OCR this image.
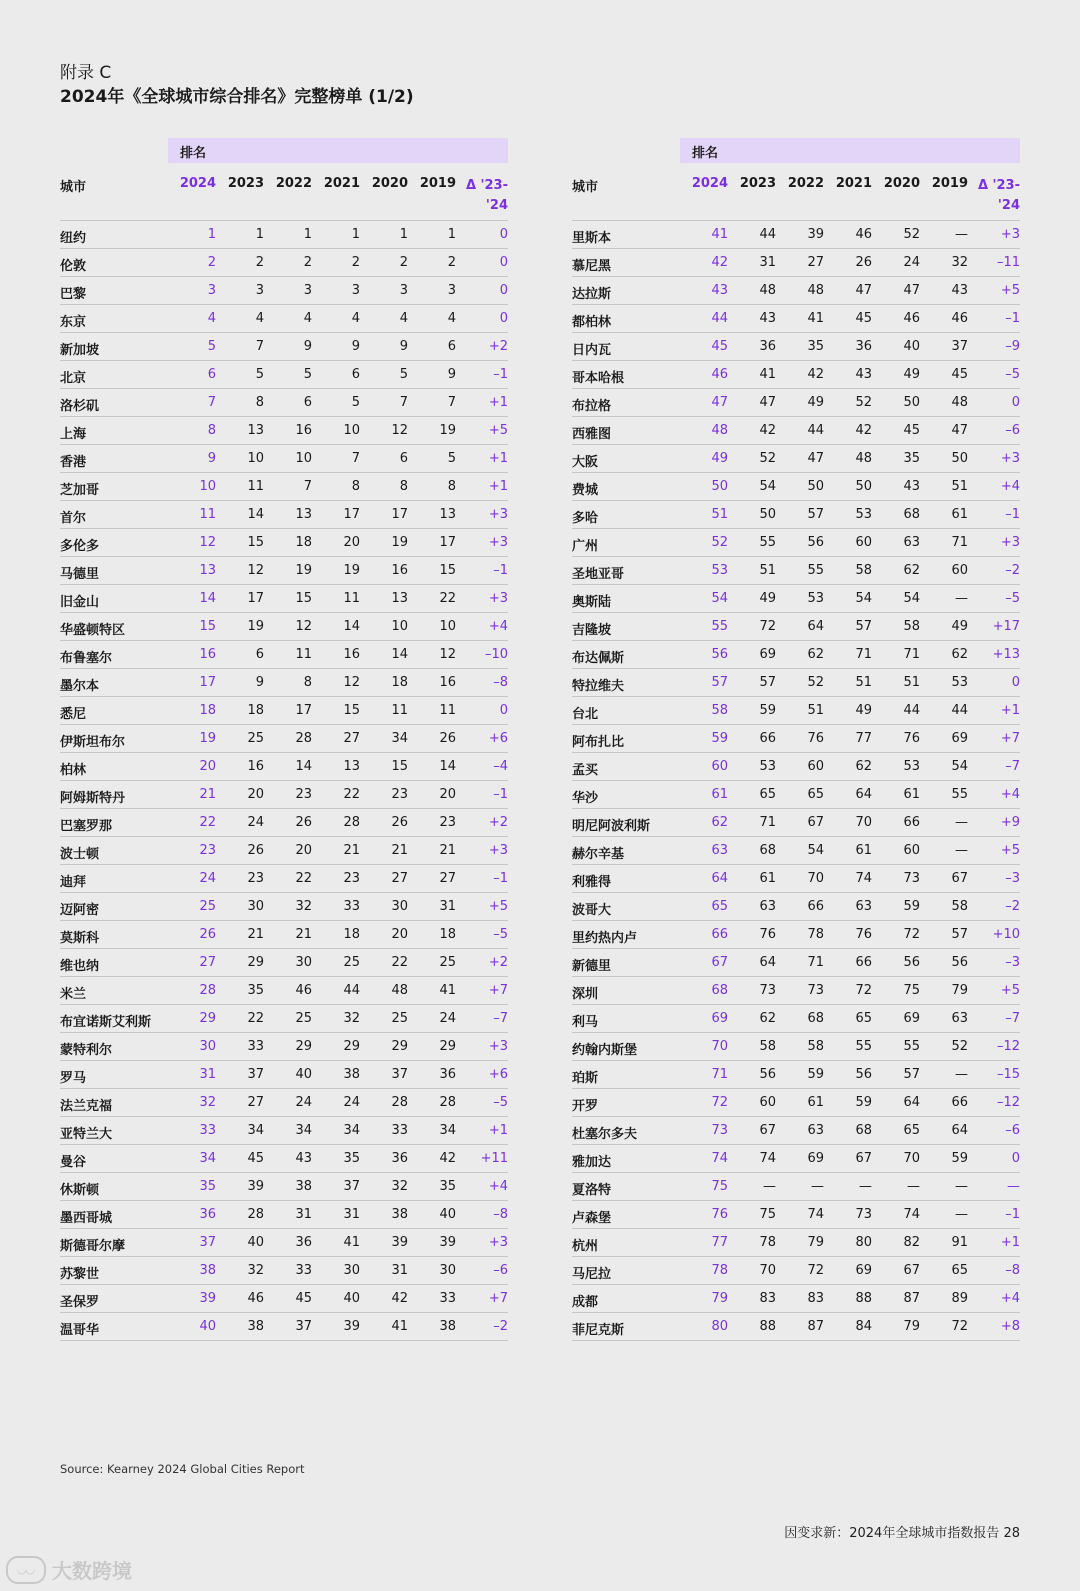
附录 C
2024年《全球城市综合排名》完整榜单 (1/2)
排名
城市	2024 2023 2022 2021 2020 2019 Δ '23-
'24
纽约	1	1	1	1	1	1	0
伦敦	2	2	2	2	2	2	0
巴黎	3	3	3	3	3	3	0
东京	4	4	4	4	4	4	0
新加坡	5	7	9	9	9	6	+2
北京	6	5	5	6	5	9	–1
洛杉矶	7	8	6	5	7	7	+1
上海	8	13	16	10	12	19	+5
香港	9	10	10	7	6	5	+1
芝加哥	10	11	7	8	8	8	+1
首尔	11	14	13	17	17	13	+3
多伦多	12	15	18	20	19	17	+3
马德里	13	12	19	19	16	15	–1
旧金山	14	17	15	11	13	22	+3
华盛顿特区	15	19	12	14	10	10	+4
布鲁塞尔	16	6	11	16	14	12	–10
墨尔本	17	9	8	12	18	16	–8
悉尼	18	18	17	15	11	11	0
伊斯坦布尔	19	25	28	27	34	26	+6
柏林	20	16	14	13	15	14	–4
阿姆斯特丹	21	20	23	22	23	20	–1
巴塞罗那	22	24	26	28	26	23	+2
波士顿	23	26	20	21	21	21	+3
迪拜	24	23	22	23	27	27	–1
迈阿密	25	30	32	33	30	31	+5
莫斯科	26	21	21	18	20	18	–5
维也纳	27	29	30	25	22	25	+2
米兰	28	35	46	44	48	41	+7
布宜诺斯艾利斯	29	22	25	32	25	24	–7
蒙特利尔	30	33	29	29	29	29	+3
罗马	31	37	40	38	37	36	+6
法兰克福	32	27	24	24	28	28	–5
亚特兰大	33	34	34	34	33	34	+1
曼谷	34	45	43	35	36	42	+11
休斯顿	35	39	38	37	32	35	+4
墨西哥城	36	28	31	31	38	40	–8
斯德哥尔摩	37	40	36	41	39	39	+3
苏黎世	38	32	33	30	31	30	–6
圣保罗	39	46	45	40	42	33	+7
温哥华	40	38	37	39	41	38	–2
排名
城市	2024 2023 2022 2021 2020 2019 Δ '23-
'24
里斯本	41	44	39	46	52	—	+3
慕尼黑	42	31	27	26	24	32	–11
达拉斯	43	48	48	47	47	43	+5
都柏林	44	43	41	45	46	46	–1
日内瓦	45	36	35	36	40	37	–9
哥本哈根	46	41	42	43	49	45	–5
布拉格	47	47	49	52	50	48	0
西雅图	48	42	44	42	45	47	–6
大阪	49	52	47	48	35	50	+3
费城	50	54	50	50	43	51	+4
多哈	51	50	57	53	68	61	–1
广州	52	55	56	60	63	71	+3
圣地亚哥	53	51	55	58	62	60	–2
奥斯陆	54	49	53	54	54	—	–5
吉隆坡	55	72	64	57	58	49	+17
布达佩斯	56	69	62	71	71	62	+13
特拉维夫	57	57	52	51	51	53	0
台北	58	59	51	49	44	44	+1
阿布扎比	59	66	76	77	76	69	+7
孟买	60	53	60	62	53	54	–7
华沙	61	65	65	64	61	55	+4
明尼阿波利斯	62	71	67	70	66	—	+9
赫尔辛基	63	68	54	61	60	—	+5
利雅得	64	61	70	74	73	67	–3
波哥大	65	63	66	63	59	58	–2
里约热内卢	66	76	78	76	72	57	+10
新德里	67	64	71	66	56	56	–3
深圳	68	73	73	72	75	79	+5
利马	69	62	68	65	69	63	–7
约翰内斯堡	70	58	58	55	55	52	–12
珀斯	71	56	59	56	57	—	–15
开罗	72	60	61	59	64	66	–12
杜塞尔多夫	73	67	63	68	65	64	–6
雅加达	74	74	69	67	70	59	0
夏洛特	75	—	—	—	—	—	—
卢森堡	76	75	74	73	74	—	–1
杭州	77	78	79	80	82	91	+1
马尼拉	78	70	72	69	67	65	–8
成都	79	83	83	88	87	89	+4
菲尼克斯	80	88	87	84	79	72	+8
Source: Kearney 2024 Global Cities Report
因变求新：2024年全球城市指数报告 28
◡◡ 大数跨境
